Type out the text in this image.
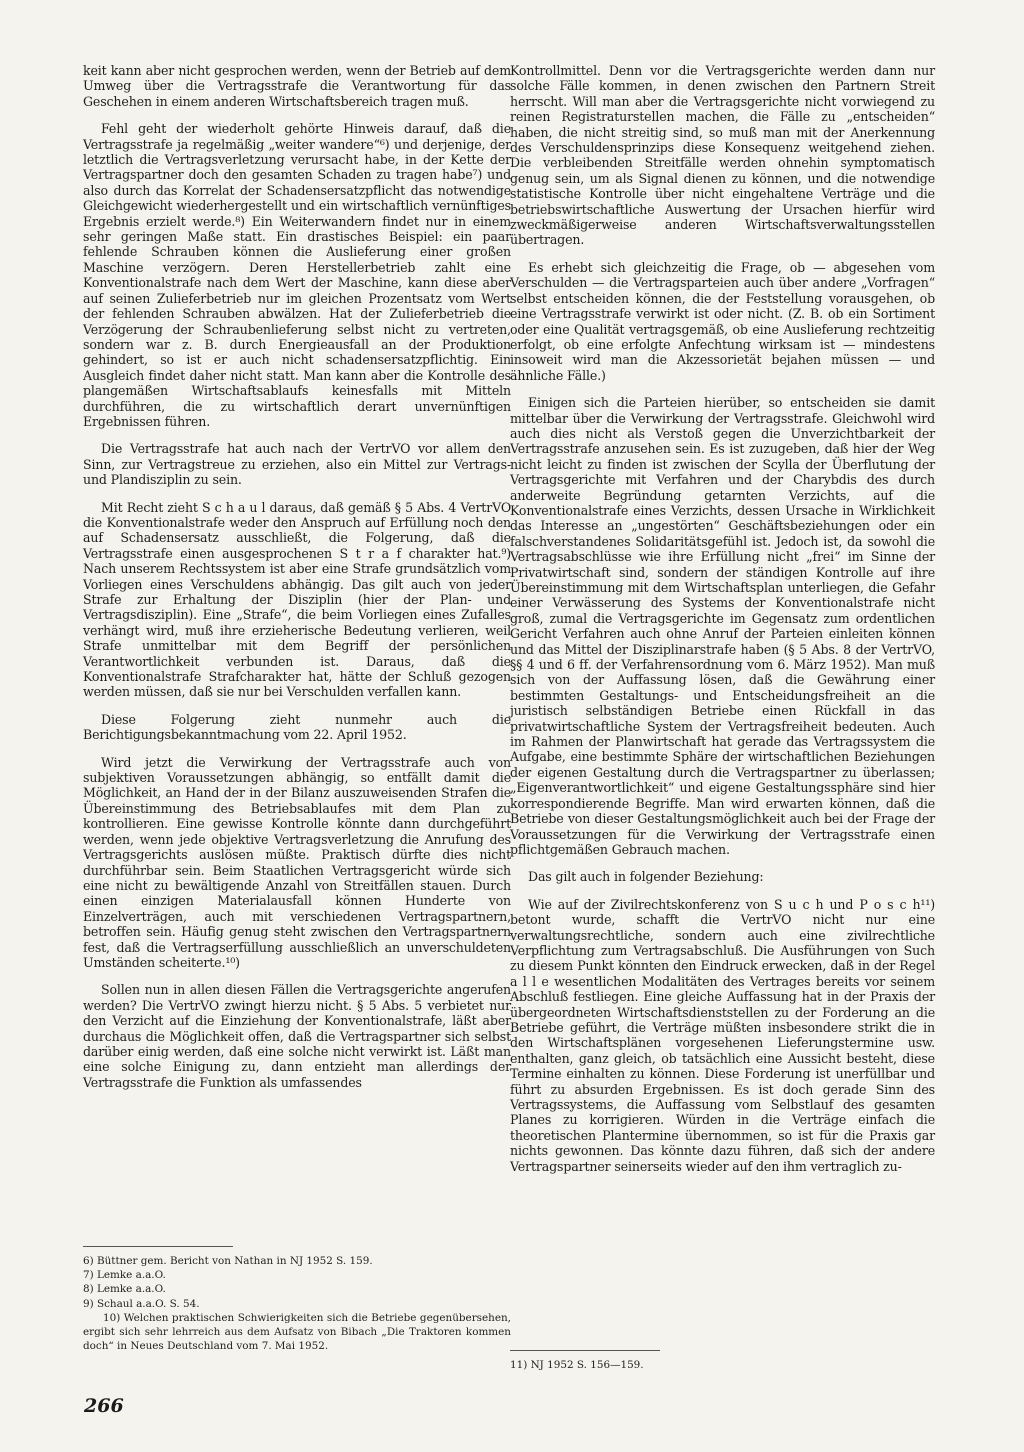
keit kann aber nicht gesprochen werden, wenn der Betrieb auf dem Umweg über die Vertragsstrafe die Verantwortung für das Geschehen in einem anderen Wirtschaftsbereich tragen muß.

Fehl geht der wiederholt gehörte Hinweis darauf, daß die Vertragsstrafe ja regelmäßig „weiter wandere“⁶) und derjenige, der letztlich die Vertragsverletzung verursacht habe, in der Kette der Vertragspartner doch den gesamten Schaden zu tragen habe⁷) und also durch das Korrelat der Schadensersatzpflicht das notwendige Gleichgewicht wiederhergestellt und ein wirtschaftlich vernünftiges Ergebnis erzielt werde.⁸) Ein Weiterwandern findet nur in einem sehr geringen Maße statt. Ein drastisches Beispiel: ein paar fehlende Schrauben können die Auslieferung einer großen Maschine verzögern. Deren Herstellerbetrieb zahlt eine Konventionalstrafe nach dem Wert der Maschine, kann diese aber auf seinen Zulieferbetrieb nur im gleichen Prozentsatz vom Wert der fehlenden Schrauben abwälzen. Hat der Zulieferbetrieb die Verzögerung der Schraubenlieferung selbst nicht zu vertreten, sondern war z. B. durch Energieausfall an der Produktion gehindert, so ist er auch nicht schadensersatzpflichtig. Ein Ausgleich findet daher nicht statt. Man kann aber die Kontrolle des plangemäßen Wirtschaftsablaufs keinesfalls mit Mitteln durchführen, die zu wirtschaftlich derart unvernünftigen Ergebnissen führen.

Die Vertragsstrafe hat auch nach der VertrVO vor allem den Sinn, zur Vertragstreue zu erziehen, also ein Mittel zur Vertrags- und Plandisziplin zu sein.

Mit Recht zieht S c h a u l daraus, daß gemäß § 5 Abs. 4 VertrVO die Konventionalstrafe weder den Anspruch auf Erfüllung noch den auf Schadensersatz ausschließt, die Folgerung, daß die Vertragsstrafe einen ausgesprochenen S t r a f charakter hat.⁹) Nach unserem Rechtssystem ist aber eine Strafe grundsätzlich vom Vorliegen eines Verschuldens abhängig. Das gilt auch von jeder Strafe zur Erhaltung der Disziplin (hier der Plan- und Vertragsdisziplin). Eine „Strafe“, die beim Vorliegen eines Zufalles verhängt wird, muß ihre erzieherische Bedeutung verlieren, weil Strafe unmittelbar mit dem Begriff der persönlichen Verantwortlichkeit verbunden ist. Daraus, daß die Konventionalstrafe Strafcharakter hat, hätte der Schluß gezogen werden müssen, daß sie nur bei Verschulden verfallen kann.

Diese Folgerung zieht nunmehr auch die Berichtigungsbekanntmachung vom 22. April 1952.

Wird jetzt die Verwirkung der Vertragsstrafe auch von subjektiven Voraussetzungen abhängig, so entfällt damit die Möglichkeit, an Hand der in der Bilanz auszuweisenden Strafen die Übereinstimmung des Betriebsablaufes mit dem Plan zu kontrollieren. Eine gewisse Kontrolle könnte dann durchgeführt werden, wenn jede objektive Vertragsverletzung die Anrufung des Vertragsgerichts auslösen müßte. Praktisch dürfte dies nicht durchführbar sein. Beim Staatlichen Vertragsgericht würde sich eine nicht zu bewältigende Anzahl von Streitfällen stauen. Durch einen einzigen Materialausfall können Hunderte von Einzelverträgen, auch mit verschiedenen Vertragspartnern, betroffen sein. Häufig genug steht zwischen den Vertragspartnern fest, daß die Vertragserfüllung ausschließlich an unverschuldeten Umständen scheiterte.¹⁰)

Sollen nun in allen diesen Fällen die Vertragsgerichte angerufen werden? Die VertrVO zwingt hierzu nicht. § 5 Abs. 5 verbietet nur den Verzicht auf die Einziehung der Konventionalstrafe, läßt aber durchaus die Möglichkeit offen, daß die Vertragspartner sich selbst darüber einig werden, daß eine solche nicht verwirkt ist. Läßt man eine solche Einigung zu, dann entzieht man allerdings der Vertragsstrafe die Funktion als umfassendes

Kontrollmittel. Denn vor die Vertragsgerichte werden dann nur solche Fälle kommen, in denen zwischen den Partnern Streit herrscht. Will man aber die Vertragsgerichte nicht vorwiegend zu reinen Registraturstellen machen, die Fälle zu „entscheiden“ haben, die nicht streitig sind, so muß man mit der Anerkennung des Verschuldensprinzips diese Konsequenz weitgehend ziehen. Die verbleibenden Streitfälle werden ohnehin symptomatisch genug sein, um als Signal dienen zu können, und die notwendige statistische Kontrolle über nicht eingehaltene Verträge und die betriebswirtschaftliche Auswertung der Ursachen hierfür wird zweckmäßigerweise anderen Wirtschaftsverwaltungsstellen übertragen.

Es erhebt sich gleichzeitig die Frage, ob — abgesehen vom Verschulden — die Vertragsparteien auch über andere „Vorfragen“ selbst entscheiden können, die der Feststellung vorausgehen, ob eine Vertragsstrafe verwirkt ist oder nicht. (Z. B. ob ein Sortiment oder eine Qualität vertragsgemäß, ob eine Auslieferung rechtzeitig erfolgt, ob eine erfolgte Anfechtung wirksam ist — mindestens insoweit wird man die Akzessorietät bejahen müssen — und ähnliche Fälle.)

Einigen sich die Parteien hierüber, so entscheiden sie damit mittelbar über die Verwirkung der Vertragsstrafe. Gleichwohl wird auch dies nicht als Verstoß gegen die Unverzichtbarkeit der Vertragsstrafe anzusehen sein. Es ist zuzugeben, daß hier der Weg nicht leicht zu finden ist zwischen der Scylla der Überflutung der Vertragsgerichte mit Verfahren und der Charybdis des durch anderweite Begründung getarnten Verzichts, auf die Konventionalstrafe eines Verzichts, dessen Ursache in Wirklichkeit das Interesse an „ungestörten“ Geschäftsbeziehungen oder ein falschverstandenes Solidaritätsgefühl ist. Jedoch ist, da sowohl die Vertragsabschlüsse wie ihre Erfüllung nicht „frei“ im Sinne der Privatwirtschaft sind, sondern der ständigen Kontrolle auf ihre Übereinstimmung mit dem Wirtschaftsplan unterliegen, die Gefahr einer Verwässerung des Systems der Konventionalstrafe nicht groß, zumal die Vertragsgerichte im Gegensatz zum ordentlichen Gericht Verfahren auch ohne Anruf der Parteien einleiten können und das Mittel der Disziplinarstrafe haben (§ 5 Abs. 8 der VertrVO, §§ 4 und 6 ff. der Verfahrensordnung vom 6. März 1952). Man muß sich von der Auffassung lösen, daß die Gewährung einer bestimmten Gestaltungs- und Entscheidungsfreiheit an die juristisch selbständigen Betriebe einen Rückfall in das privatwirtschaftliche System der Vertragsfreiheit bedeuten. Auch im Rahmen der Planwirtschaft hat gerade das Vertragssystem die Aufgabe, eine bestimmte Sphäre der wirtschaftlichen Beziehungen der eigenen Gestaltung durch die Vertragspartner zu überlassen; „Eigenverantwortlichkeit“ und eigene Gestaltungssphäre sind hier korrespondierende Begriffe. Man wird erwarten können, daß die Betriebe von dieser Gestaltungsmöglichkeit auch bei der Frage der Voraussetzungen für die Verwirkung der Vertragsstrafe einen pflichtgemäßen Gebrauch machen.

Das gilt auch in folgender Beziehung:

Wie auf der Zivilrechtskonferenz von S u c h und P o s c h¹¹) betont wurde, schafft die VertrVO nicht nur eine verwaltungsrechtliche, sondern auch eine zivilrechtliche Verpflichtung zum Vertragsabschluß. Die Ausführungen von Such zu diesem Punkt könnten den Eindruck erwecken, daß in der Regel a l l e wesentlichen Modalitäten des Vertrages bereits vor seinem Abschluß festliegen. Eine gleiche Auffassung hat in der Praxis der übergeordneten Wirtschaftsdienststellen zu der Forderung an die Betriebe geführt, die Verträge müßten insbesondere strikt die in den Wirtschaftsplänen vorgesehenen Lieferungstermine usw. enthalten, ganz gleich, ob tatsächlich eine Aussicht besteht, diese Termine einhalten zu können. Diese Forderung ist unerfüllbar und führt zu absurden Ergebnissen. Es ist doch gerade Sinn des Vertragssystems, die Auffassung vom Selbstlauf des gesamten Planes zu korrigieren. Würden in die Verträge einfach die theoretischen Plantermine übernommen, so ist für die Praxis gar nichts gewonnen. Das könnte dazu führen, daß sich der andere Vertragspartner seinerseits wieder auf den ihm vertraglich zu-

6) Büttner gem. Bericht von Nathan in NJ 1952 S. 159.

7) Lemke a.a.O.

8) Lemke a.a.O.

9) Schaul a.a.O. S. 54.

10) Welchen praktischen Schwierigkeiten sich die Betriebe gegenübersehen, ergibt sich sehr lehrreich aus dem Aufsatz von Bibach „Die Traktoren kommen doch“ in Neues Deutschland vom 7. Mai 1952.

11) NJ 1952 S. 156—159.

266
